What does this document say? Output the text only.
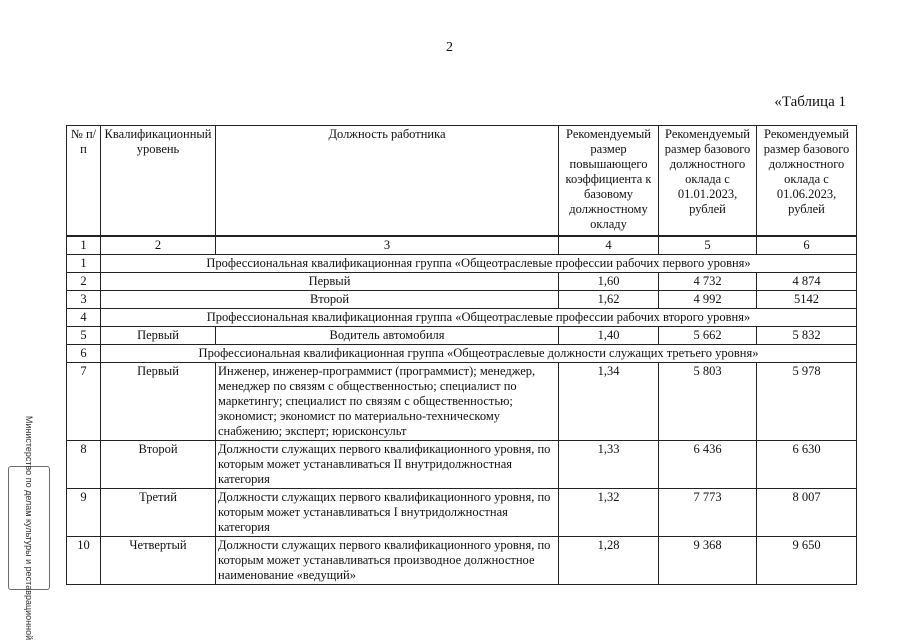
2
«Таблица 1
№ п/п	Квалификационный уровень	Должность работника	Рекомендуемый размер повышающего коэффициента к базовому должностному окладу	Рекомендуемый размер базового должностного оклада с 01.01.2023, рублей	Рекомендуемый размер базового должностного оклада с 01.06.2023, рублей
1	2	3	4	5	6
1	Профессиональная квалификационная группа «Общеотраслевые профессии рабочих первого уровня»				
2	Первый		1,60	4 732	4 874
3	Второй		1,62	4 992	5142
4	Профессиональная квалификационная группа «Общеотраслевые профессии рабочих второго уровня»				
5	Первый	Водитель автомобиля	1,40	5 662	5 832
6	Профессиональная квалификационная группа «Общеотраслевые должности служащих третьего уровня»				
7	Первый	Инженер, инженер-программист (программист); менеджер, менеджер по связям с общественностью; специалист по маркетингу; специалист по связям с общественностью; экономист; экономист по материально-техническому снабжению; эксперт; юрисконсульт	1,34	5 803	5 978
8	Второй	Должности служащих первого квалификационного уровня, по которым может устанавливаться II внутридолжностная категория	1,33	6 436	6 630
9	Третий	Должности служащих первого квалификационного уровня, по которым может устанавливаться I внутридолжностная категория	1,32	7 773	8 007
10	Четвертый	Должности служащих первого квалификационного уровня, по которым может устанавливаться производное должностное наименование «ведущий»	1,28	9 368	9 650
Министерство по делам культуры и реставрационной
